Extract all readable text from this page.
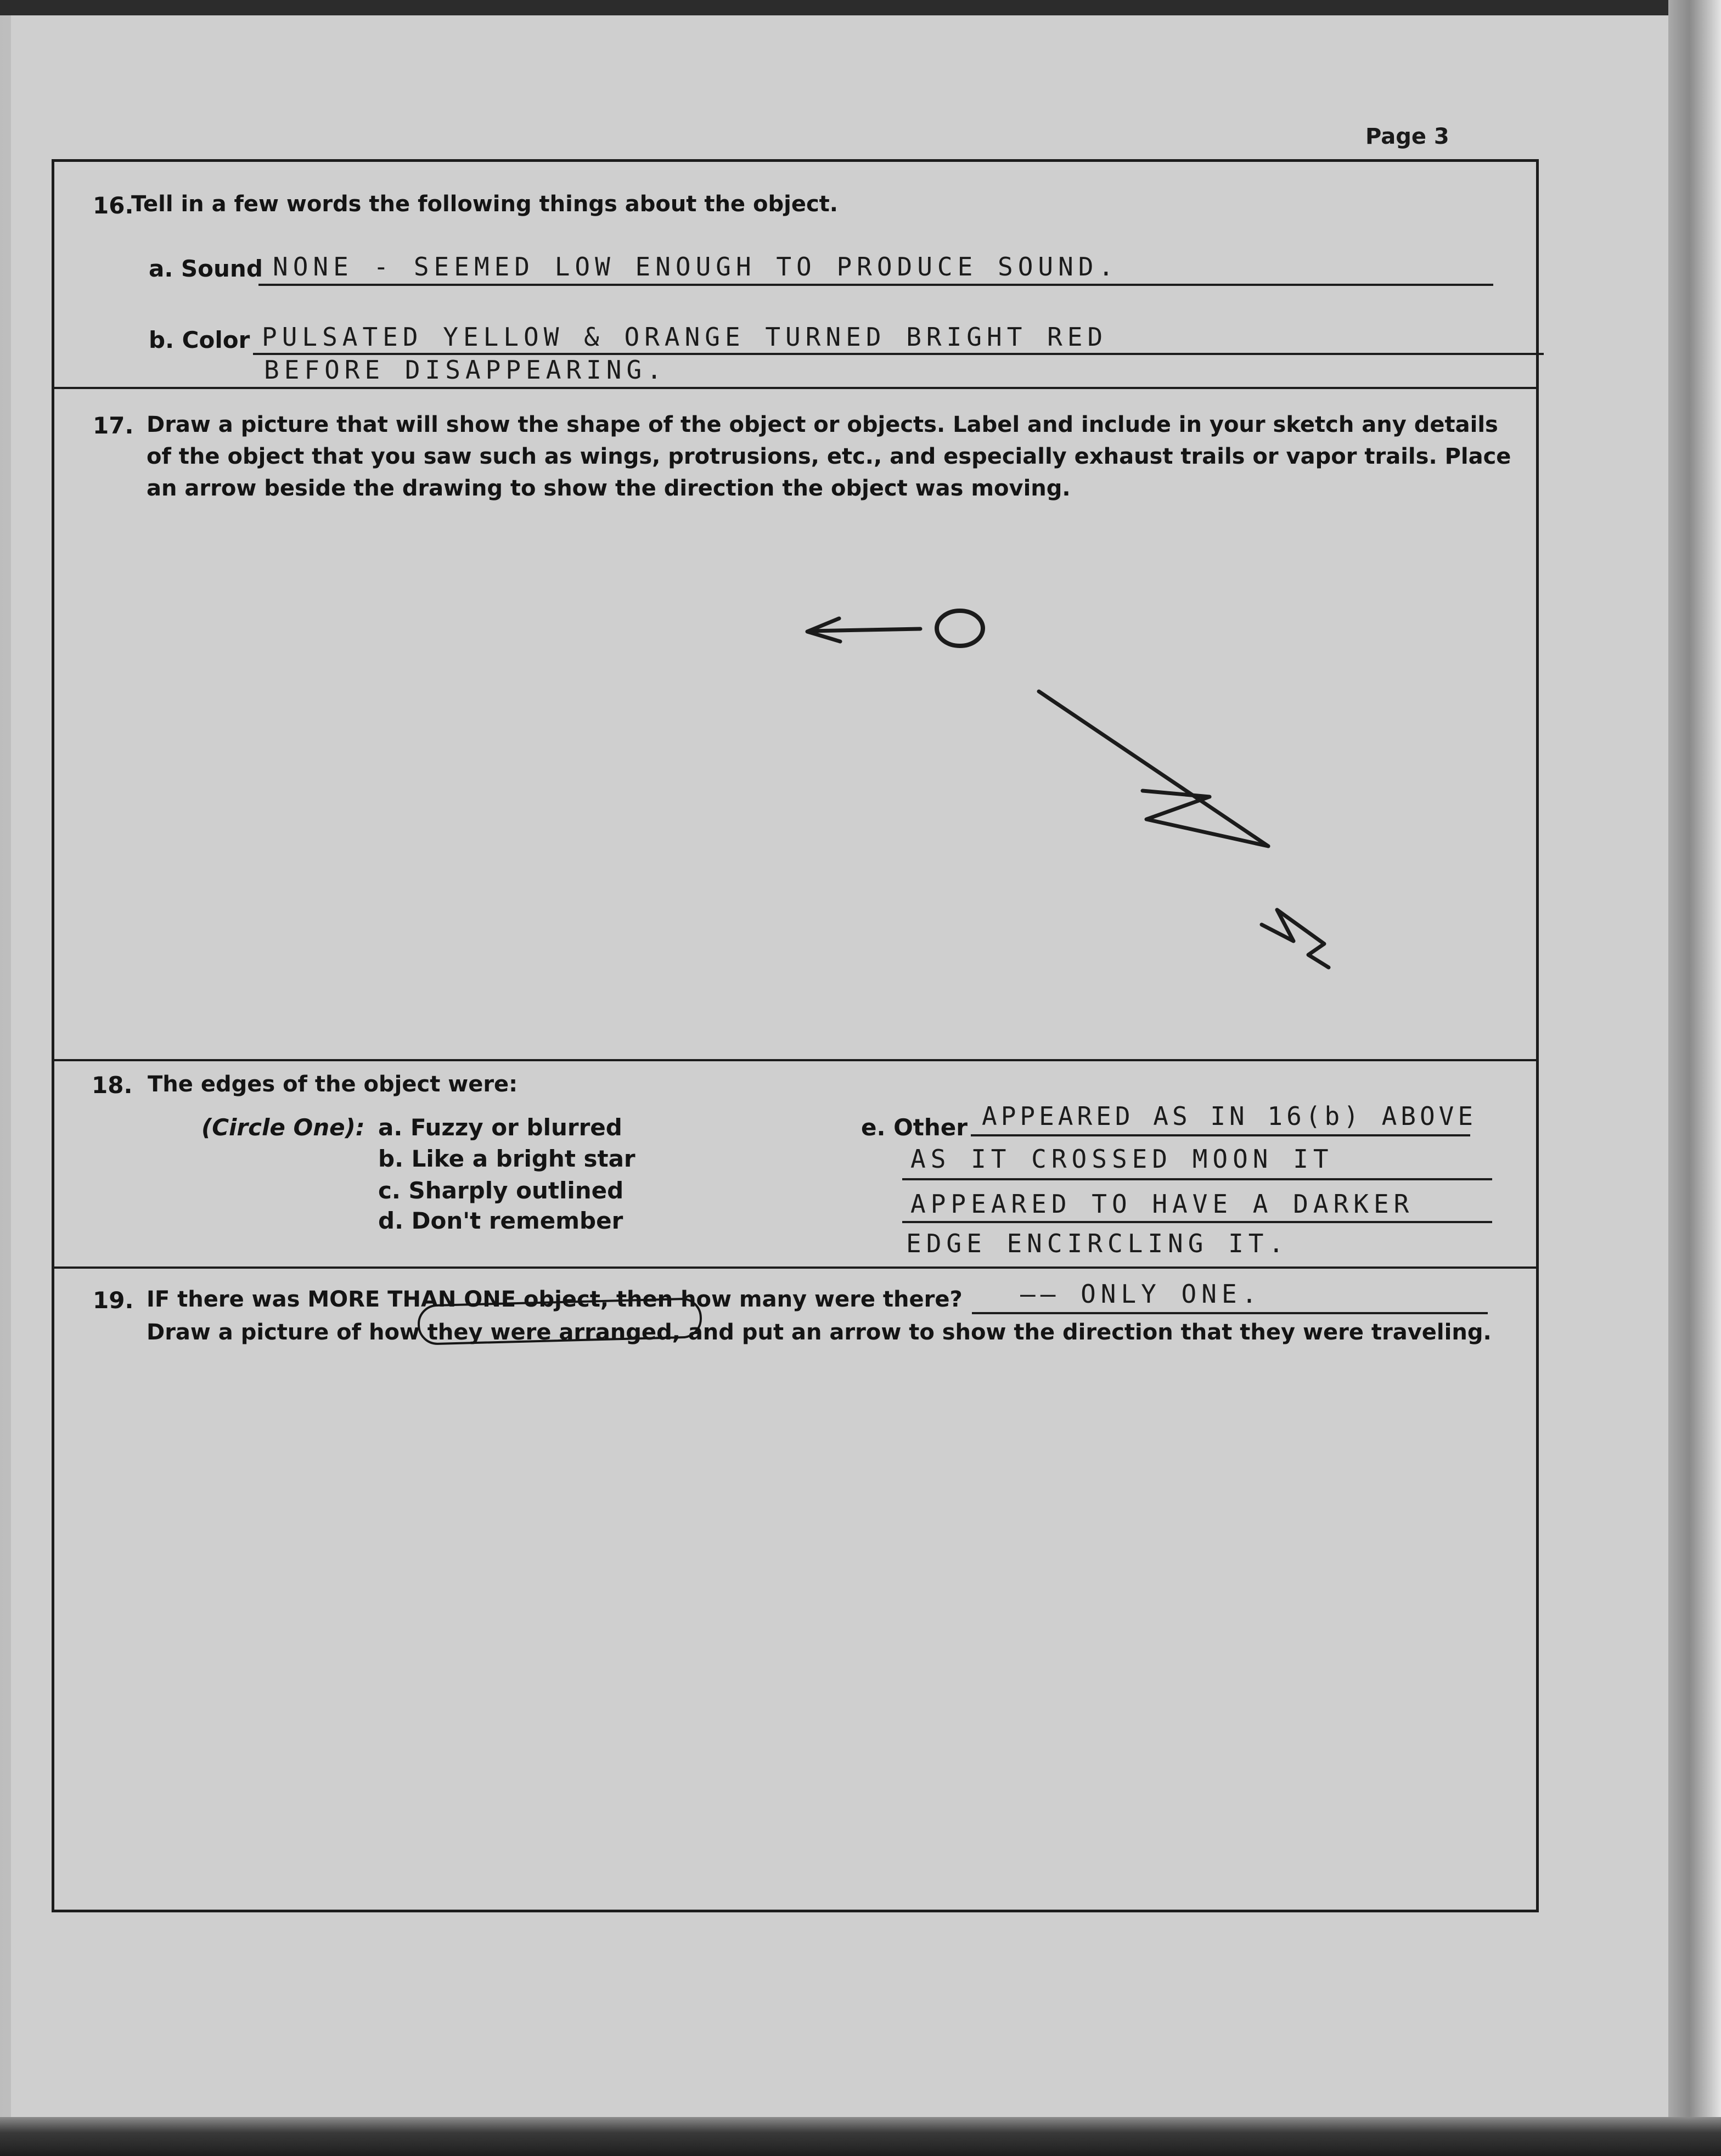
Page 3
16.
Tell in a few words the following things about the object.
a. Sound NONE - SEEMED LOW ENOUGH TO PRODUCE SOUND.
b. Color PULSATED YELLOW & ORANGE TURNED BRIGHT RED
BEFORE DISAPPEARING.
17. Draw a picture that will show the shape of the object or objects. Label and include in your sketch any details
of the object that you saw such as wings, protrusions, etc., and especially exhaust trails or vapor trails. Place
an arrow beside the drawing to show the direction the object was moving.
N
18. The edges of the object were:
(Circle One): a. Fuzzy or blurred
b. Like a bright star
c. Sharply outlined
d. Don't remember
e. Other APPEARED AS IN 16(b) ABOVE
AS IT CROSSED MOON IT
APPEARED TO HAVE A DARKER
EDGE ENCIRCLING IT.
19. IF there was MORE THAN ONE object, then how many were there? —— ONLY ONE.
Draw a picture of how they were arranged, and put an arrow to show the direction that they were traveling.
